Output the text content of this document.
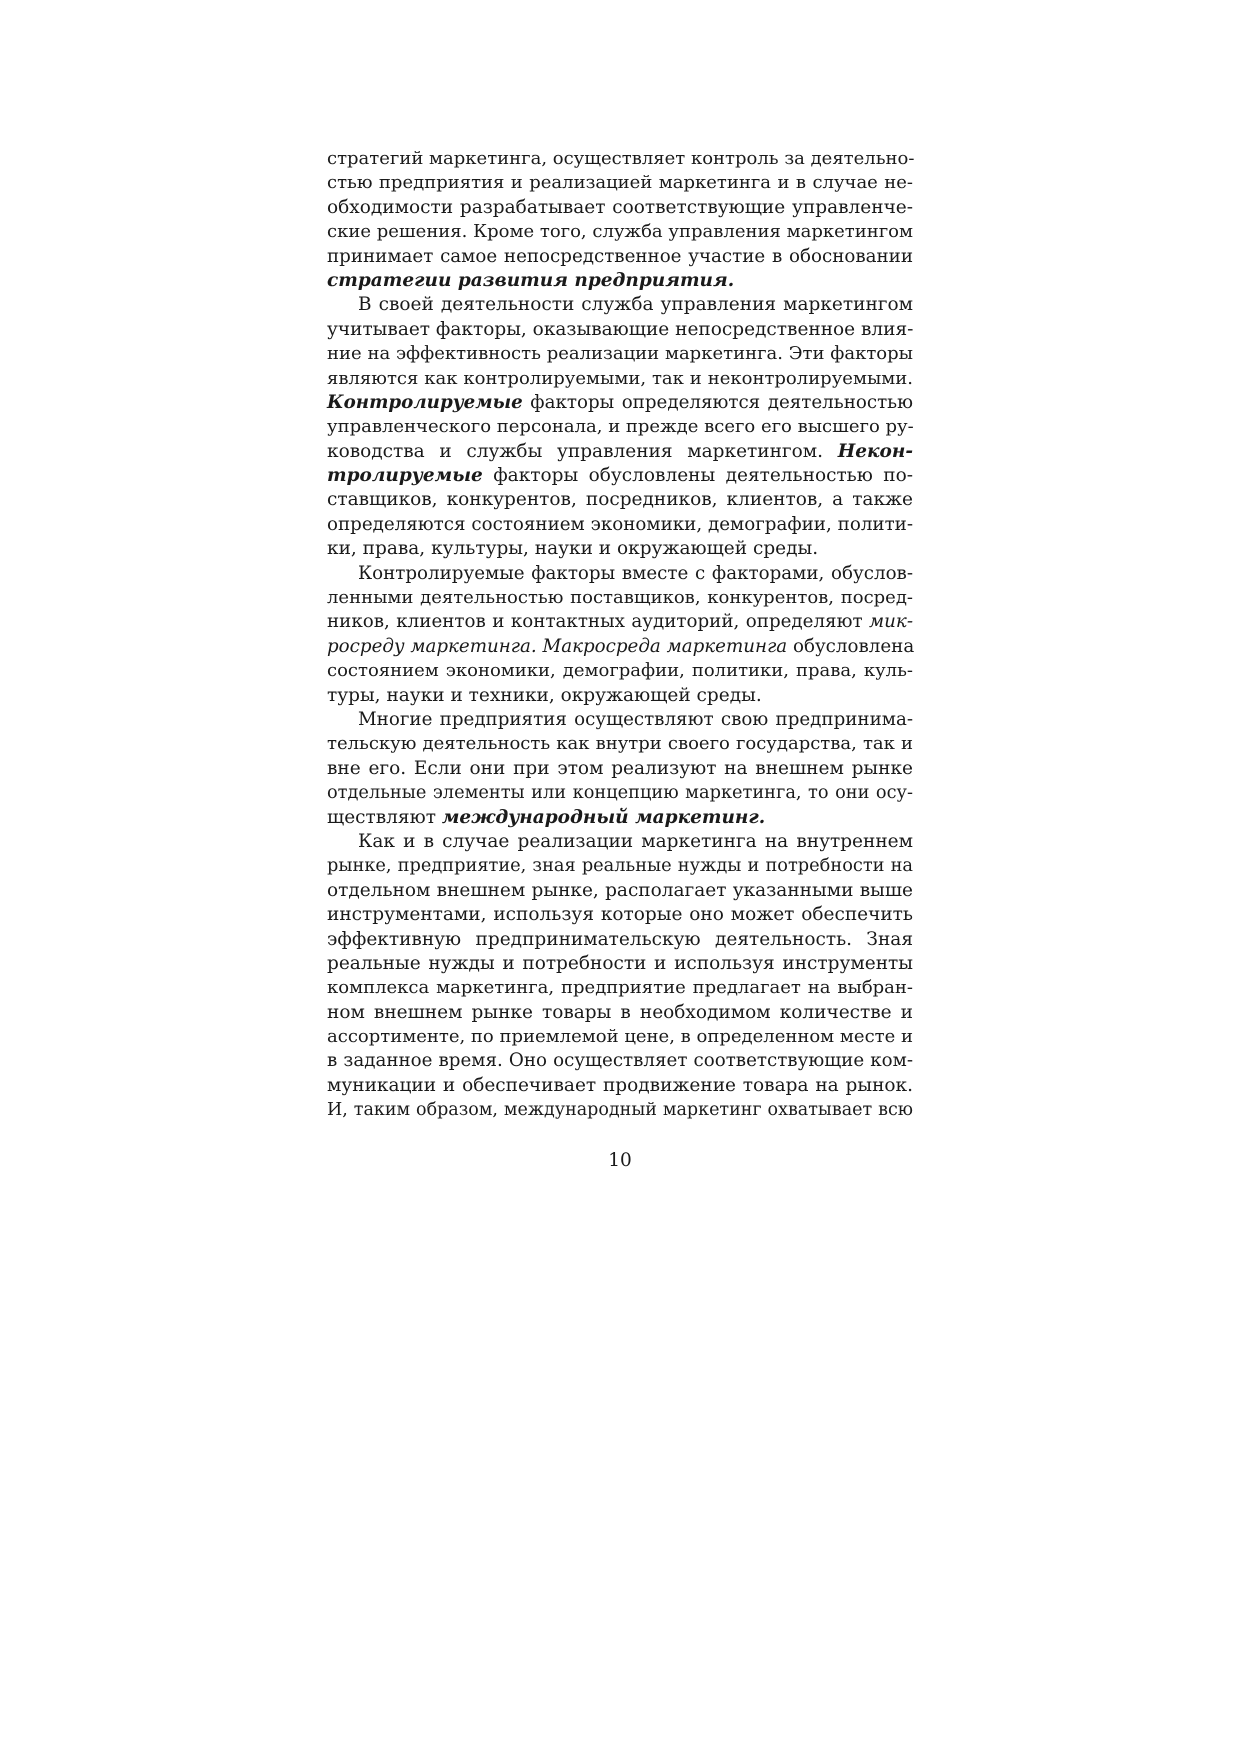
стратегий маркетинга, осуществляет контроль за деятельно-
стью предприятия и реализацией маркетинга и в случае не-
обходимости разрабатывает соответствующие управленче-
ские решения. Кроме того, служба управления маркетингом
принимает самое непосредственное участие в обосновании
стратегии развития предприятия.
В своей деятельности служба управления маркетингом
учитывает факторы, оказывающие непосредственное влия-
ние на эффективность реализации маркетинга. Эти факторы
являются как контролируемыми, так и неконтролируемыми.
Контролируемые факторы определяются деятельностью
управленческого персонала, и прежде всего его высшего ру-
ководства и службы управления маркетингом. Некон-
тролируемые факторы обусловлены деятельностью по-
ставщиков, конкурентов, посредников, клиентов, а также
определяются состоянием экономики, демографии, полити-
ки, права, культуры, науки и окружающей среды.
Контролируемые факторы вместе с факторами, обуслов-
ленными деятельностью поставщиков, конкурентов, посред-
ников, клиентов и контактных аудиторий, определяют мик-
росреду маркетинга. Макросреда маркетинга обусловлена
состоянием экономики, демографии, политики, права, куль-
туры, науки и техники, окружающей среды.
Многие предприятия осуществляют свою предпринима-
тельскую деятельность как внутри своего государства, так и
вне его. Если они при этом реализуют на внешнем рынке
отдельные элементы или концепцию маркетинга, то они осу-
ществляют международный маркетинг.
Как и в случае реализации маркетинга на внутреннем
рынке, предприятие, зная реальные нужды и потребности на
отдельном внешнем рынке, располагает указанными выше
инструментами, используя которые оно может обеспечить
эффективную предпринимательскую деятельность. Зная
реальные нужды и потребности и используя инструменты
комплекса маркетинга, предприятие предлагает на выбран-
ном внешнем рынке товары в необходимом количестве и
ассортименте, по приемлемой цене, в определенном месте и
в заданное время. Оно осуществляет соответствующие ком-
муникации и обеспечивает продвижение товара на рынок.
И, таким образом, международный маркетинг охватывает всю
10
